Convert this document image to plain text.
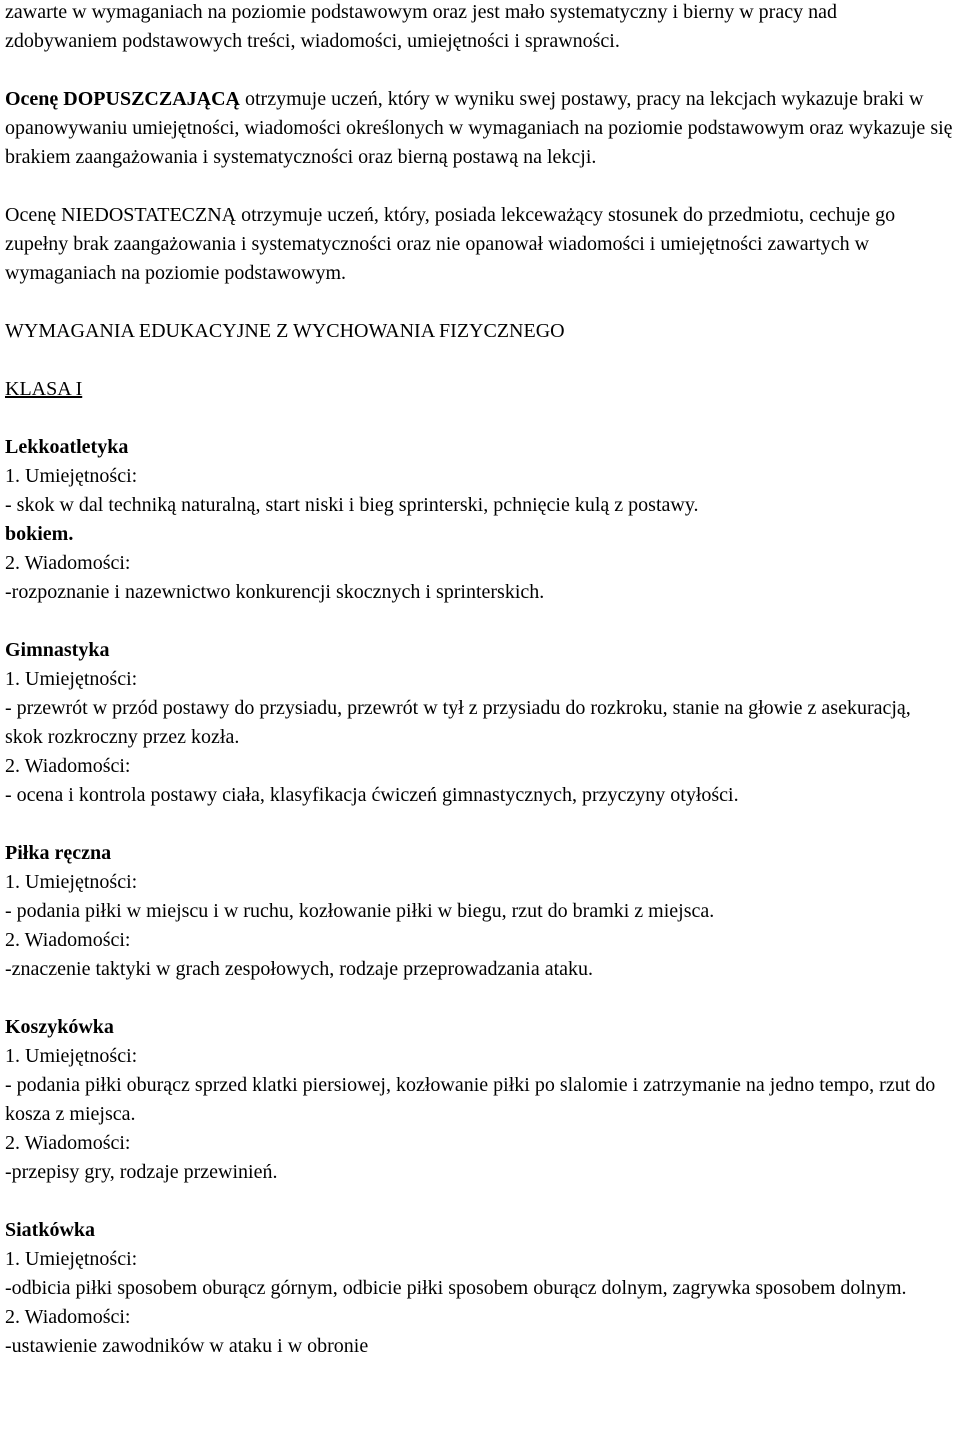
zawarte w wymaganiach na poziomie podstawowym oraz jest mało systematyczny i bierny w pracy nad zdobywaniem podstawowych treści, wiadomości, umiejętności i sprawności.

Ocenę DOPUSZCZAJĄCĄ otrzymuje uczeń, który w wyniku swej postawy, pracy na lekcjach wykazuje braki w opanowywaniu umiejętności, wiadomości określonych w wymaganiach na poziomie podstawowym oraz wykazuje się brakiem zaangażowania i systematyczności oraz bierną postawą na lekcji.

Ocenę NIEDOSTATECZNĄ otrzymuje uczeń, który, posiada lekceważący stosunek do przedmiotu, cechuje go zupełny brak zaangażowania i systematyczności oraz nie opanował wiadomości i umiejętności zawartych w wymaganiach na poziomie podstawowym.

WYMAGANIA EDUKACYJNE Z WYCHOWANIA FIZYCZNEGO

KLASA I

Lekkoatletyka

1. Umiejętności:

- skok w dal techniką naturalną, start niski i bieg sprinterski, pchnięcie kulą z postawy.

bokiem.

2. Wiadomości:

-rozpoznanie i nazewnictwo konkurencji skocznych i sprinterskich.

Gimnastyka

1. Umiejętności:

- przewrót w przód postawy do przysiadu, przewrót w tył z przysiadu do rozkroku, stanie na głowie z asekuracją, skok rozkroczny przez kozła.

2. Wiadomości:

- ocena i kontrola postawy ciała, klasyfikacja ćwiczeń gimnastycznych, przyczyny otyłości.

Piłka ręczna

1. Umiejętności:

- podania piłki w miejscu i w ruchu, kozłowanie piłki w biegu, rzut do bramki z miejsca.

2. Wiadomości:

-znaczenie taktyki w grach zespołowych, rodzaje przeprowadzania ataku.

Koszykówka

1. Umiejętności:

- podania piłki oburącz sprzed klatki piersiowej, kozłowanie piłki po slalomie i zatrzymanie na jedno tempo, rzut do kosza z miejsca.

2. Wiadomości:

-przepisy gry, rodzaje przewinień.

Siatkówka

1. Umiejętności:

-odbicia piłki sposobem oburącz górnym, odbicie piłki sposobem oburącz dolnym, zagrywka sposobem dolnym.

2. Wiadomości:

-ustawienie zawodników w ataku i w obronie
